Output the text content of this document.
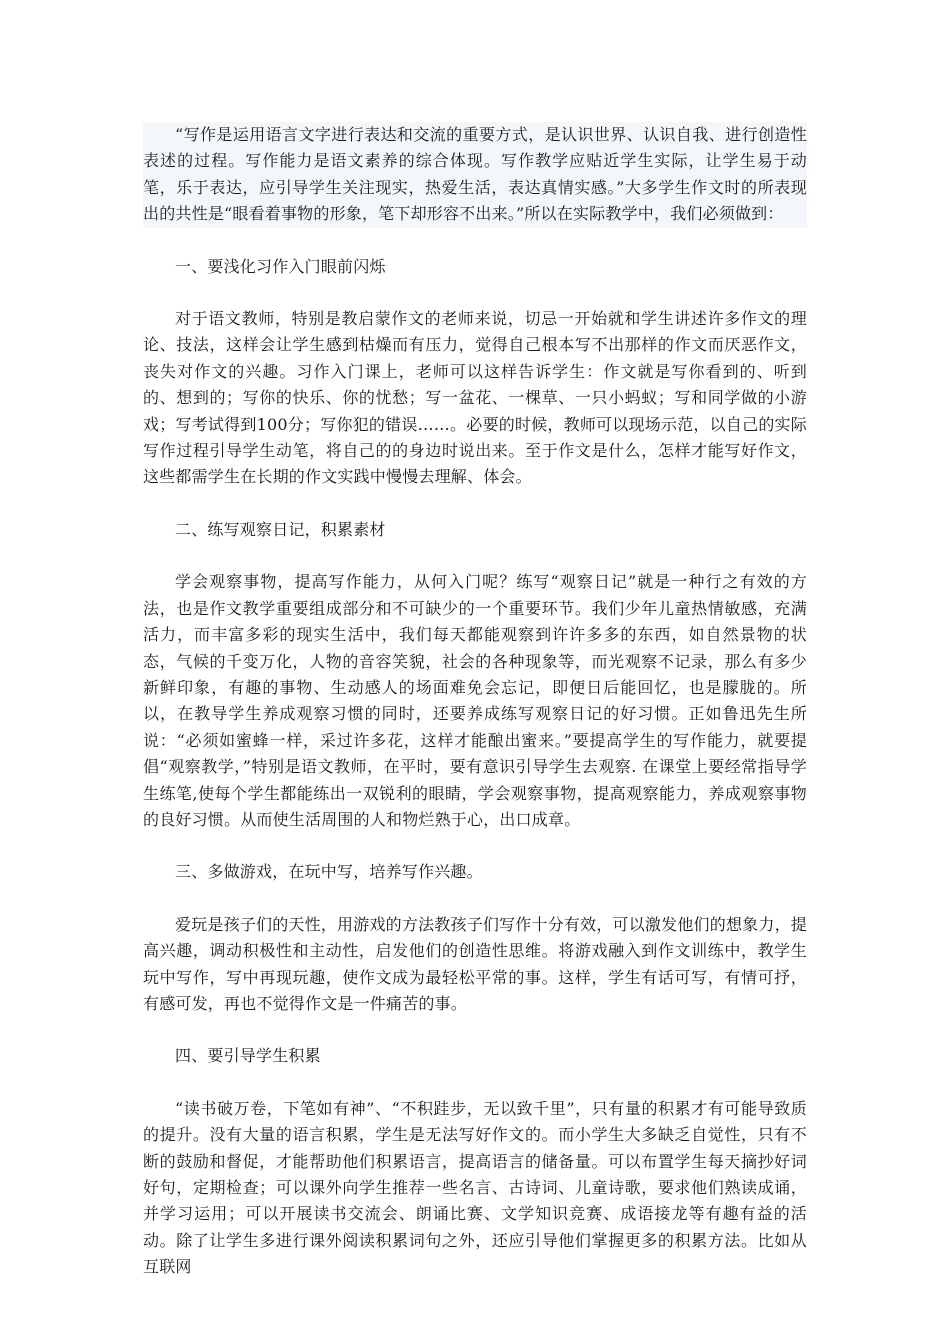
“写作是运用语言文字进行表达和交流的重要方式，是认识世界、认识自我、进行创造性表述的过程。写作能力是语文素养的综合体现。写作教学应贴近学生实际，让学生易于动笔，乐于表达，应引导学生关注现实，热爱生活，表达真情实感。”大多学生作文时的所表现出的共性是“眼看着事物的形象，笔下却形容不出来。”所以在实际教学中，我们必须做到：

一、要浅化习作入门眼前闪烁

对于语文教师，特别是教启蒙作文的老师来说，切忌一开始就和学生讲述许多作文的理论、技法，这样会让学生感到枯燥而有压力，觉得自己根本写不出那样的作文而厌恶作文，丧失对作文的兴趣。习作入门课上，老师可以这样告诉学生：作文就是写你看到的、听到的、想到的；写你的快乐、你的忧愁；写一盆花、一棵草、一只小蚂蚁；写和同学做的小游戏；写考试得到100分；写你犯的错误……。必要的时候，教师可以现场示范，以自己的实际写作过程引导学生动笔，将自己的的身边时说出来。至于作文是什么，怎样才能写好作文，这些都需学生在长期的作文实践中慢慢去理解、体会。

二、练写观察日记，积累素材

学会观察事物，提高写作能力，从何入门呢？练写“观察日记”就是一种行之有效的方法，也是作文教学重要组成部分和不可缺少的一个重要环节。我们少年儿童热情敏感，充满活力，而丰富多彩的现实生活中，我们每天都能观察到许许多多的东西，如自然景物的状态，气候的千变万化，人物的音容笑貌，社会的各种现象等，而光观察不记录，那么有多少新鲜印象，有趣的事物、生动感人的场面难免会忘记，即便日后能回忆，也是朦胧的。所以，在教导学生养成观察习惯的同时，还要养成练写观察日记的好习惯。正如鲁迅先生所说：“必须如蜜蜂一样，采过许多花，这样才能酿出蜜来。”要提高学生的写作能力，就要提倡“观察教学，”特别是语文教师，在平时，要有意识引导学生去观察. 在课堂上要经常指导学生练笔,使每个学生都能练出一双锐利的眼睛，学会观察事物，提高观察能力，养成观察事物的良好习惯。从而使生活周围的人和物烂熟于心，出口成章。

三、多做游戏，在玩中写，培养写作兴趣。

爱玩是孩子们的天性，用游戏的方法教孩子们写作十分有效，可以激发他们的想象力，提高兴趣，调动积极性和主动性，启发他们的创造性思维。将游戏融入到作文训练中，教学生玩中写作，写中再现玩趣，使作文成为最轻松平常的事。这样，学生有话可写，有情可抒，有感可发，再也不觉得作文是一件痛苦的事。

四、要引导学生积累

“读书破万卷，下笔如有神”、“不积跬步，无以致千里”，只有量的积累才有可能导致质的提升。没有大量的语言积累，学生是无法写好作文的。而小学生大多缺乏自觉性，只有不断的鼓励和督促，才能帮助他们积累语言，提高语言的储备量。可以布置学生每天摘抄好词好句，定期检查；可以课外向学生推荐一些名言、古诗词、儿童诗歌，要求他们熟读成诵，并学习运用；可以开展读书交流会、朗诵比赛、文学知识竞赛、成语接龙等有趣有益的活动。除了让学生多进行课外阅读积累词句之外，还应引导他们掌握更多的积累方法。比如从互联网
